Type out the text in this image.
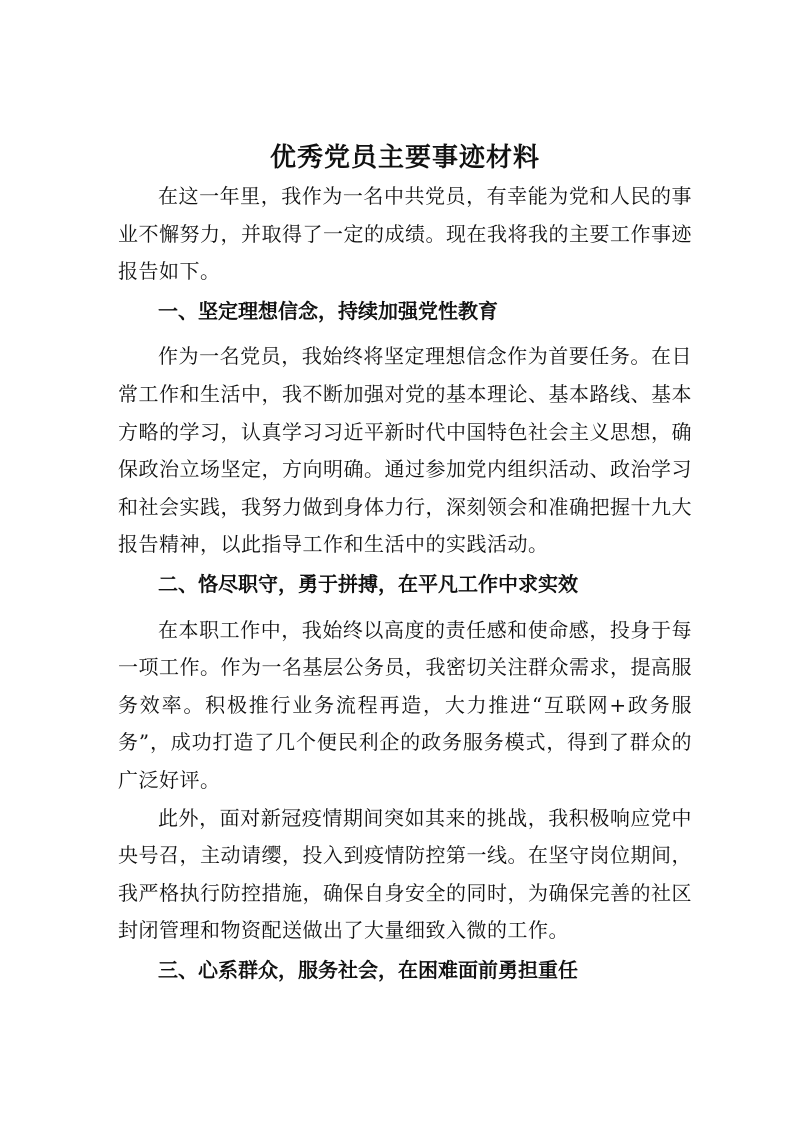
优秀党员主要事迹材料

在这一年里，我作为一名中共党员，有幸能为党和人民的事业不懈努力，并取得了一定的成绩。现在我将我的主要工作事迹报告如下。

一、坚定理想信念，持续加强党性教育

作为一名党员，我始终将坚定理想信念作为首要任务。在日常工作和生活中，我不断加强对党的基本理论、基本路线、基本方略的学习，认真学习习近平新时代中国特色社会主义思想，确保政治立场坚定，方向明确。通过参加党内组织活动、政治学习和社会实践，我努力做到身体力行，深刻领会和准确把握十九大报告精神，以此指导工作和生活中的实践活动。

二、恪尽职守，勇于拼搏，在平凡工作中求实效

在本职工作中，我始终以高度的责任感和使命感，投身于每一项工作。作为一名基层公务员，我密切关注群众需求，提高服务效率。积极推行业务流程再造，大力推进“互联网+政务服务”，成功打造了几个便民利企的政务服务模式，得到了群众的广泛好评。

此外，面对新冠疫情期间突如其来的挑战，我积极响应党中央号召，主动请缨，投入到疫情防控第一线。在坚守岗位期间，我严格执行防控措施，确保自身安全的同时，为确保完善的社区封闭管理和物资配送做出了大量细致入微的工作。

三、心系群众，服务社会，在困难面前勇担重任
